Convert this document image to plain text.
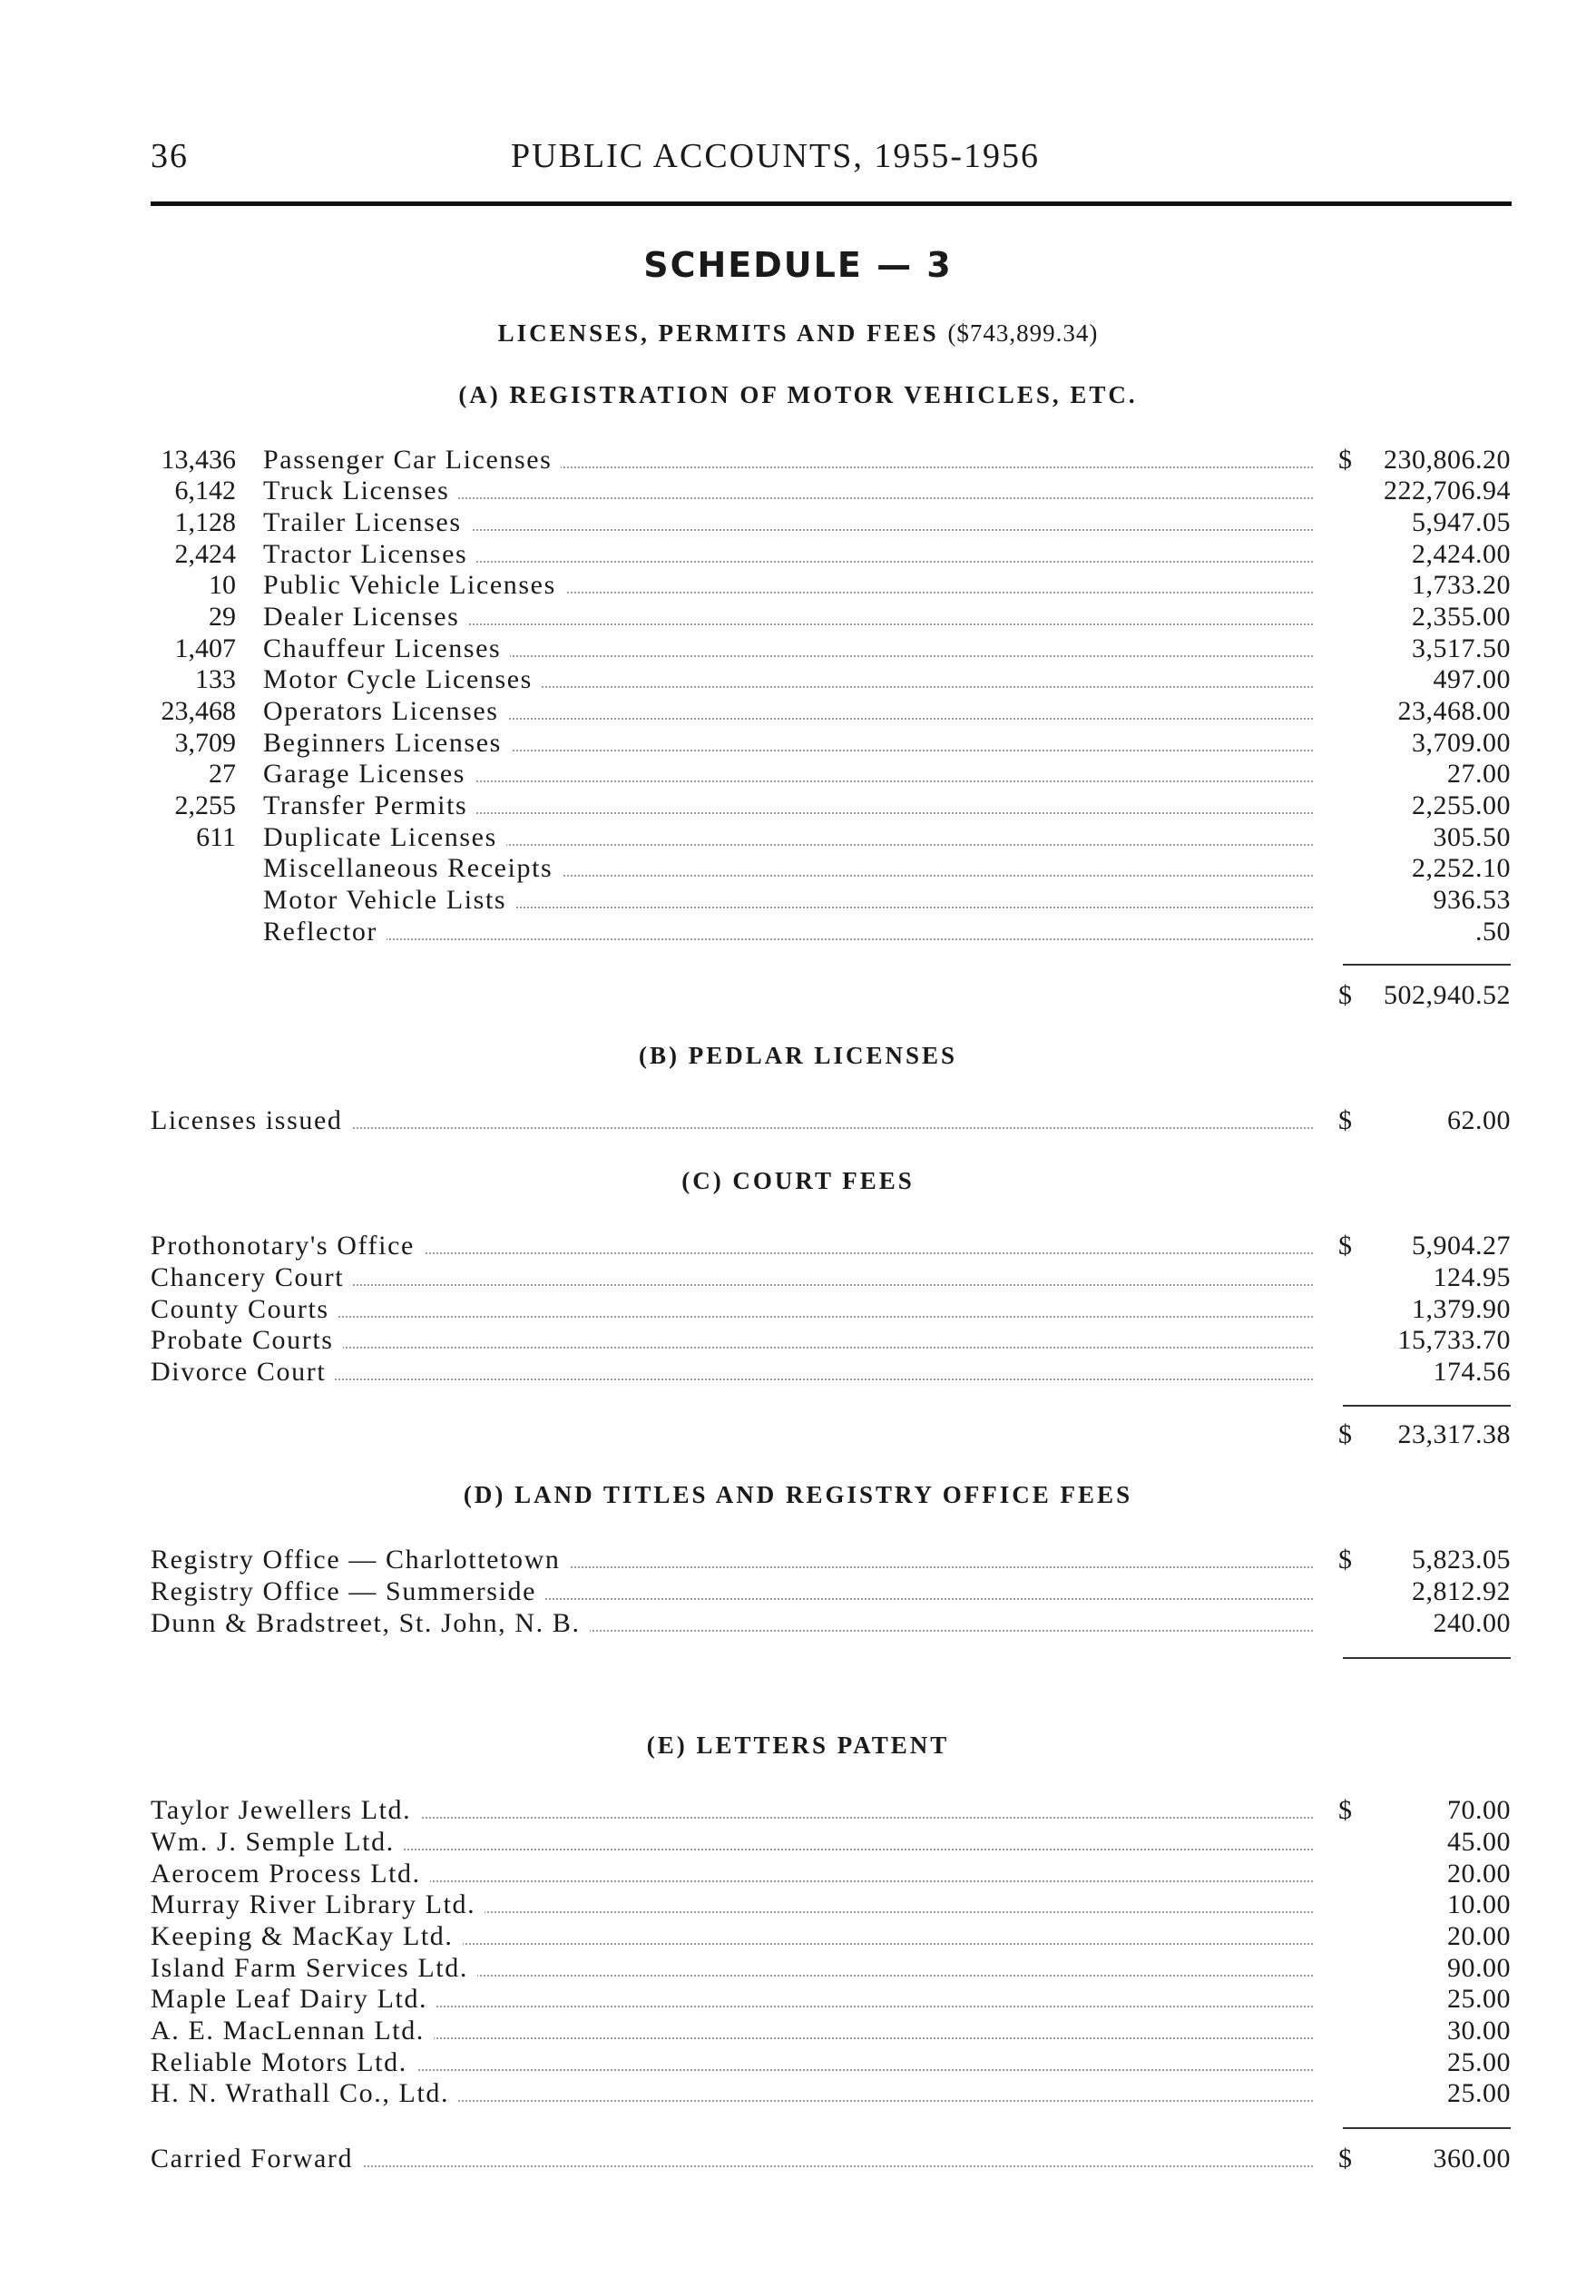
36	PUBLIC ACCOUNTS, 1955-1956
SCHEDULE — 3
LICENSES, PERMITS AND FEES ($743,899.34)
(A) REGISTRATION OF MOTOR VEHICLES, ETC.
13,436 Passenger Car Licenses	$	230,806.20
6,142 Truck Licenses	222,706.94
1,128 Trailer Licenses	5,947.05
2,424 Tractor Licenses	2,424.00
10 Public Vehicle Licenses	1,733.20
29 Dealer Licenses	2,355.00
1,407 Chauffeur Licenses	3,517.50
133 Motor Cycle Licenses	497.00
23,468 Operators Licenses	23,468.00
3,709 Beginners Licenses	3,709.00
27 Garage Licenses	27.00
2,255 Transfer Permits	2,255.00
611 Duplicate Licenses	305.50
Miscellaneous Receipts	2,252.10
Motor Vehicle Lists	936.53
Reflector	.50
$	502,940.52
(B) PEDLAR LICENSES
Licenses issued	$	62.00
(C) COURT FEES
Prothonotary's Office	$	5,904.27
Chancery Court	124.95
County Courts	1,379.90
Probate Courts	15,733.70
Divorce Court	174.56
$	23,317.38
(D) LAND TITLES AND REGISTRY OFFICE FEES
Registry Office — Charlottetown	$	5,823.05
Registry Office — Summerside	2,812.92
Dunn & Bradstreet, St. John, N. B.	240.00
(E) LETTERS PATENT
Taylor Jewellers Ltd.	$	70.00
Wm. J. Semple Ltd.	45.00
Aerocem Process Ltd.	20.00
Murray River Library Ltd.	10.00
Keeping & MacKay Ltd.	20.00
Island Farm Services Ltd.	90.00
Maple Leaf Dairy Ltd.	25.00
A. E. MacLennan Ltd.	30.00
Reliable Motors Ltd.	25.00
H. N. Wrathall Co., Ltd.	25.00
Carried Forward	$	360.00
